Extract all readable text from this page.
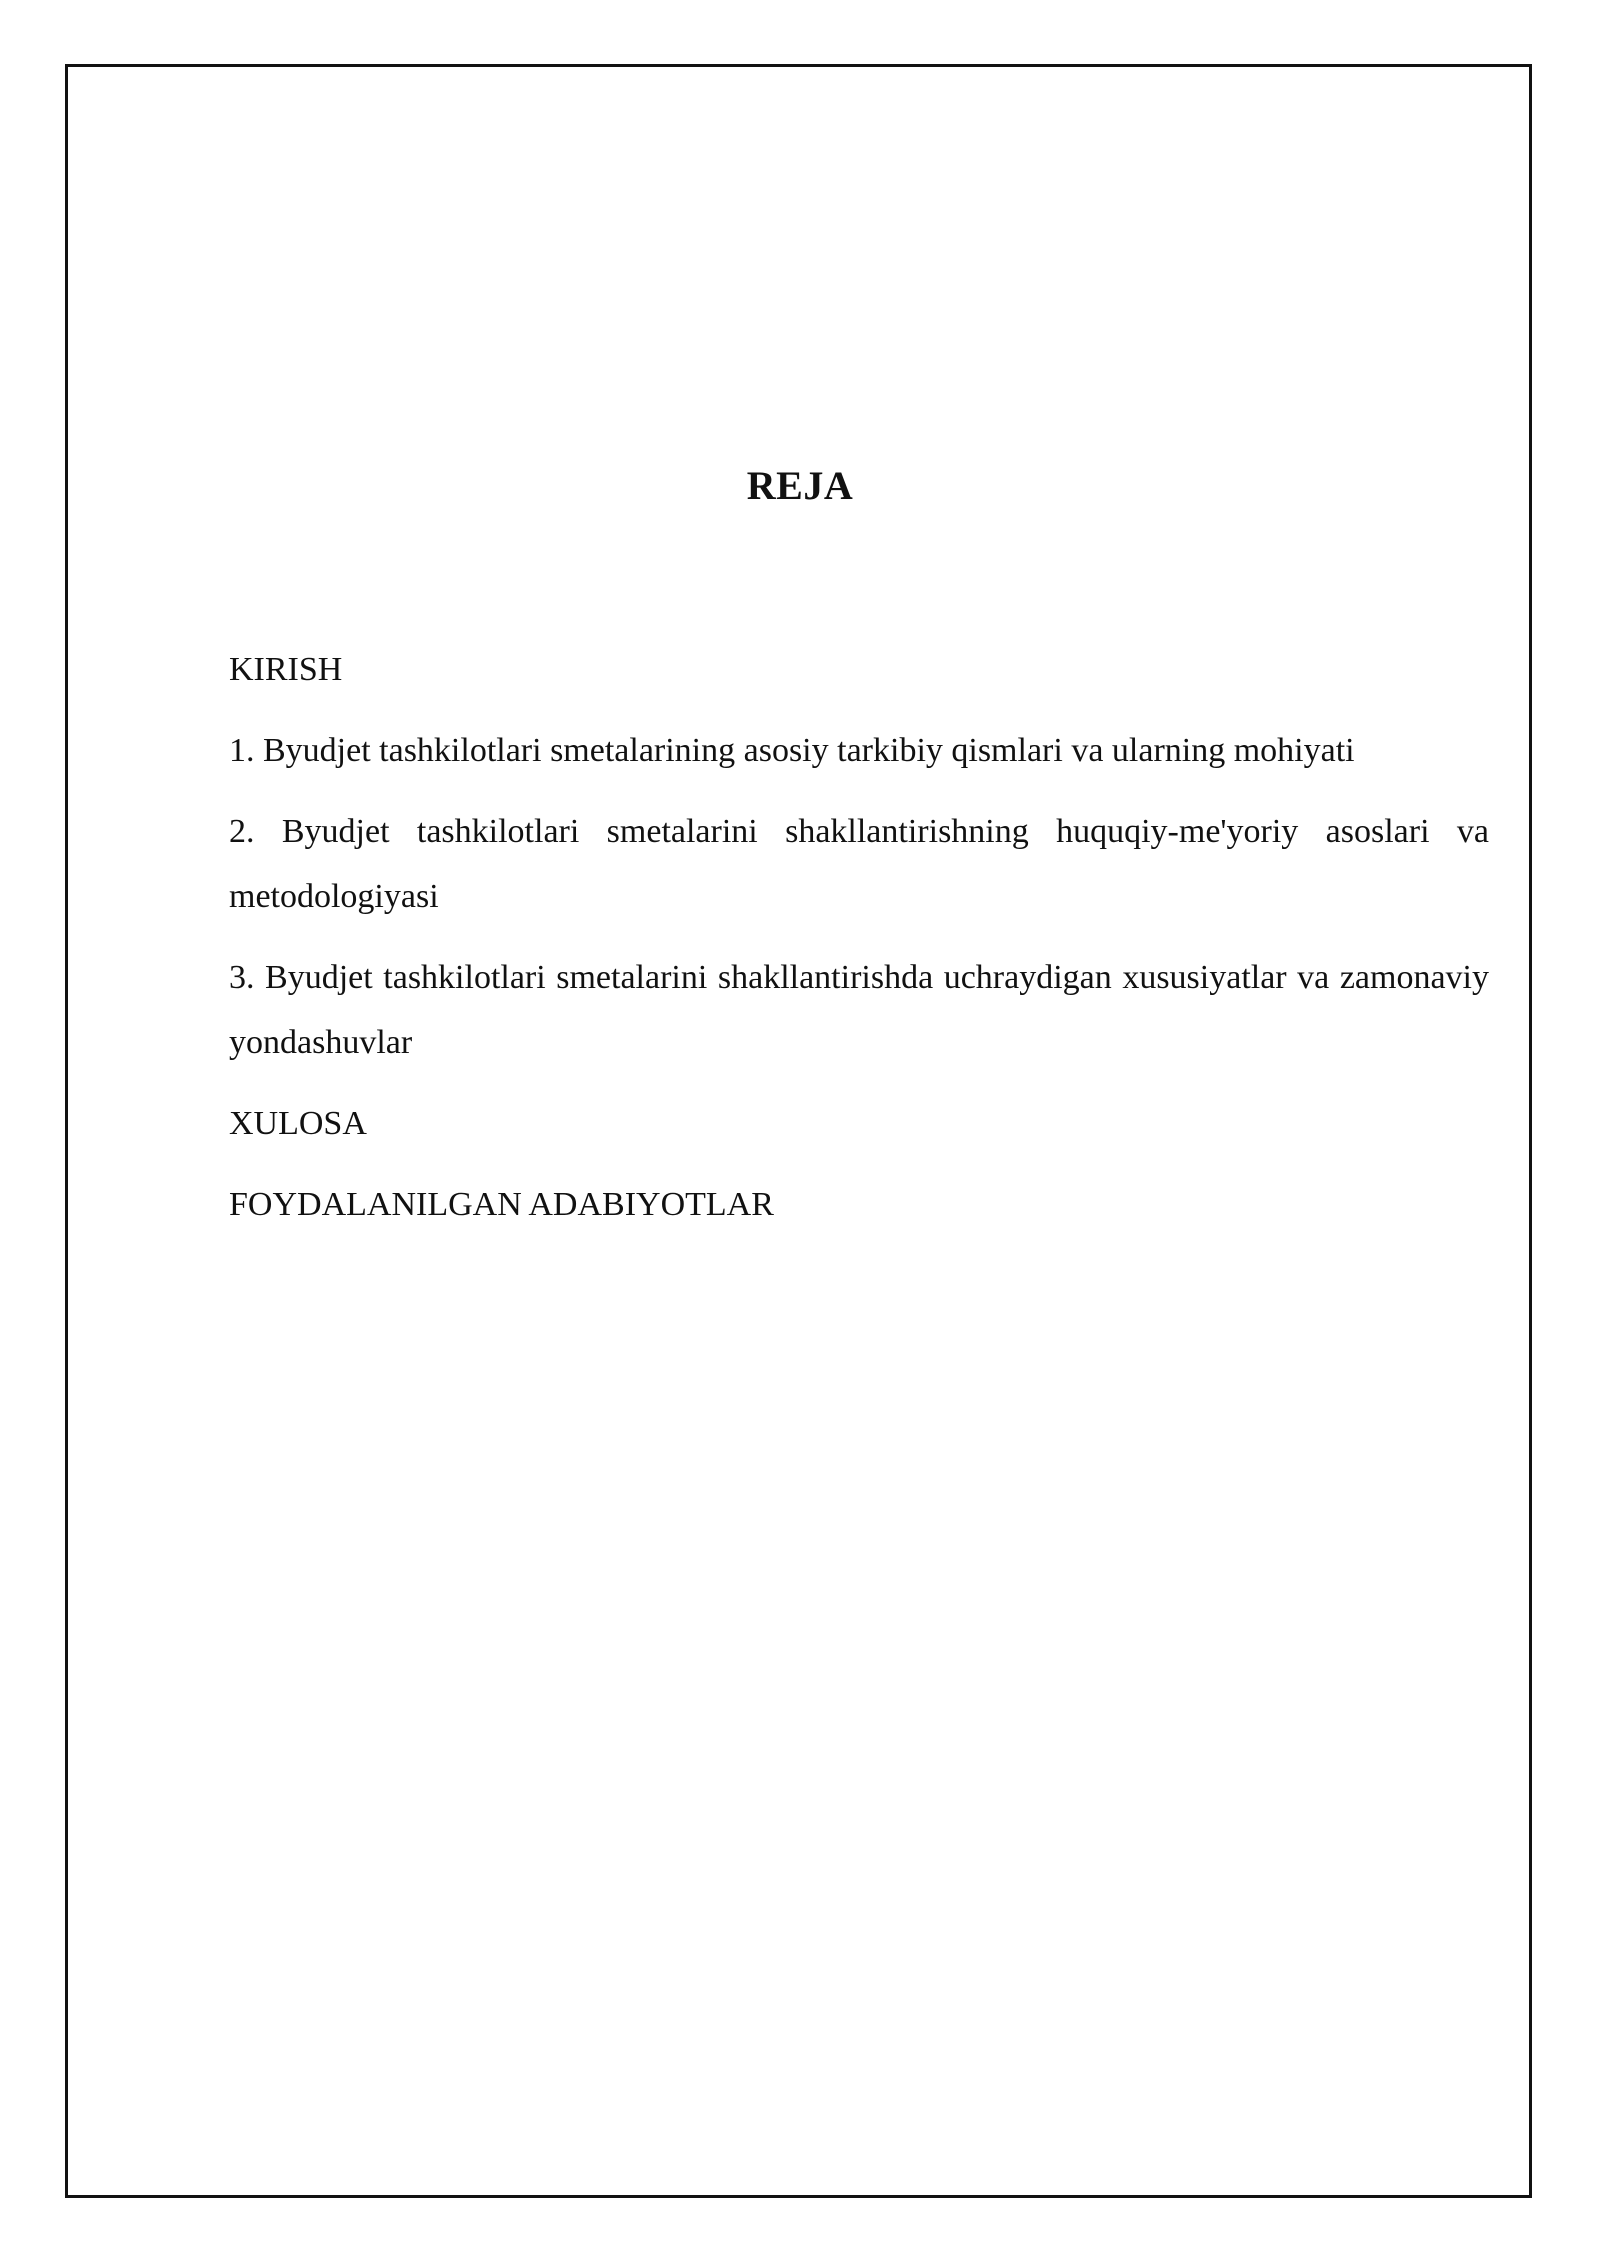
REJA
KIRISH
1. Byudjet tashkilotlari smetalarining asosiy tarkibiy qismlari va ularning mohiyati
2. Byudjet tashkilotlari smetalarini shakllantirishning huquqiy-me'yoriy asoslari va metodologiyasi
3. Byudjet tashkilotlari smetalarini shakllantirishda uchraydigan xususiyatlar va zamonaviy yondashuvlar
XULOSA
FOYDALANILGAN ADABIYOTLAR
